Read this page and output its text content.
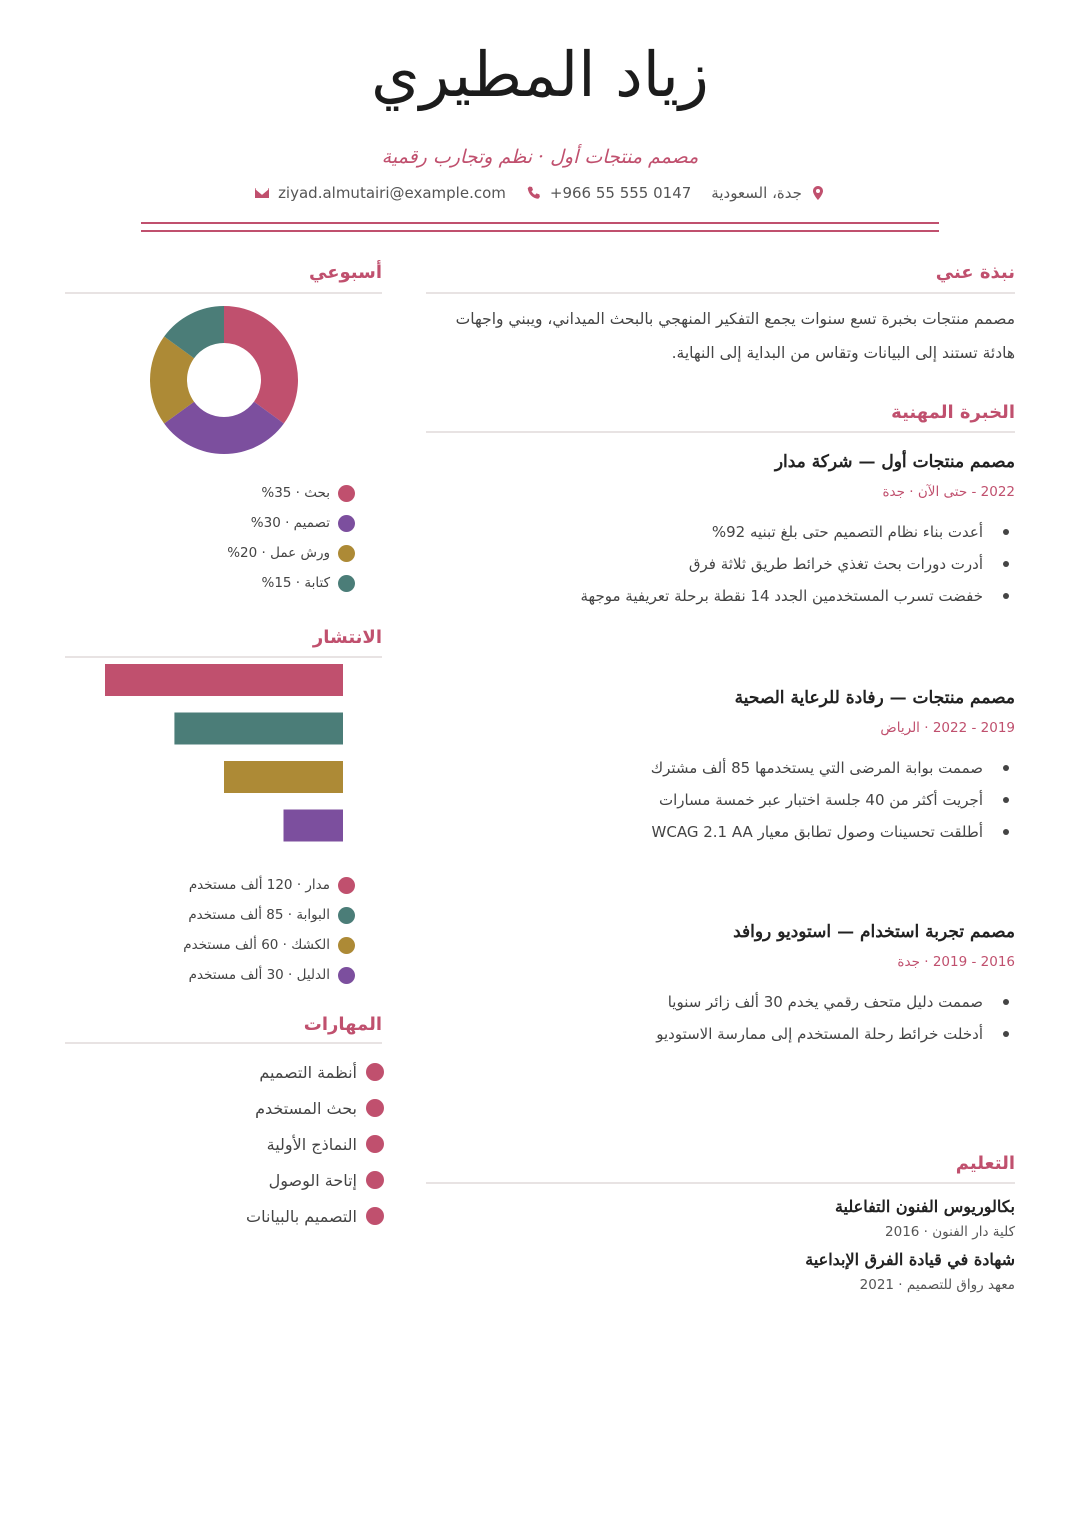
زياد المطيري
مصمم منتجات أول · نظم وتجارب رقمية
ziyad.almutairi@example.com	+966 55 555 0147 جدة، السعودية
نبذة عني
مصمم منتجات بخبرة تسع سنوات يجمع التفكير المنهجي بالبحث الميداني، ويبني واجهات هادئة تستند إلى البيانات وتقاس من البداية إلى النهاية.
الخبرة المهنية
مصمم منتجات أول — شركة مدار
2022 - حتى الآن · جدة
أعدت بناء نظام التصميم حتى بلغ تبنيه 92%
أدرت دورات بحث تغذي خرائط طريق ثلاثة فرق
خفضت تسرب المستخدمين الجدد 14 نقطة برحلة تعريفية موجهة
مصمم منتجات — رفادة للرعاية الصحية
2019 - 2022 · الرياض
صممت بوابة المرضى التي يستخدمها 85 ألف مشترك
أجريت أكثر من 40 جلسة اختبار عبر خمسة مسارات
أطلقت تحسينات وصول تطابق معيار WCAG 2.1 AA
مصمم تجربة استخدام — استوديو روافد
2016 - 2019 · جدة
صممت دليل متحف رقمي يخدم 30 ألف زائر سنويا
أدخلت خرائط رحلة المستخدم إلى ممارسة الاستوديو
التعليم
بكالوريوس الفنون التفاعلية
كلية دار الفنون · 2016
شهادة في قيادة الفرق الإبداعية
معهد رواق للتصميم · 2021
أسبوعي
بحث · 35%
تصميم · 30%
ورش عمل · 20%
كتابة · 15%
الانتشار
مدار · 120 ألف مستخدم
البوابة · 85 ألف مستخدم
الكشك · 60 ألف مستخدم
الدليل · 30 ألف مستخدم
المهارات
أنظمة التصميم
بحث المستخدم
النماذج الأولية
إتاحة الوصول
التصميم بالبيانات
